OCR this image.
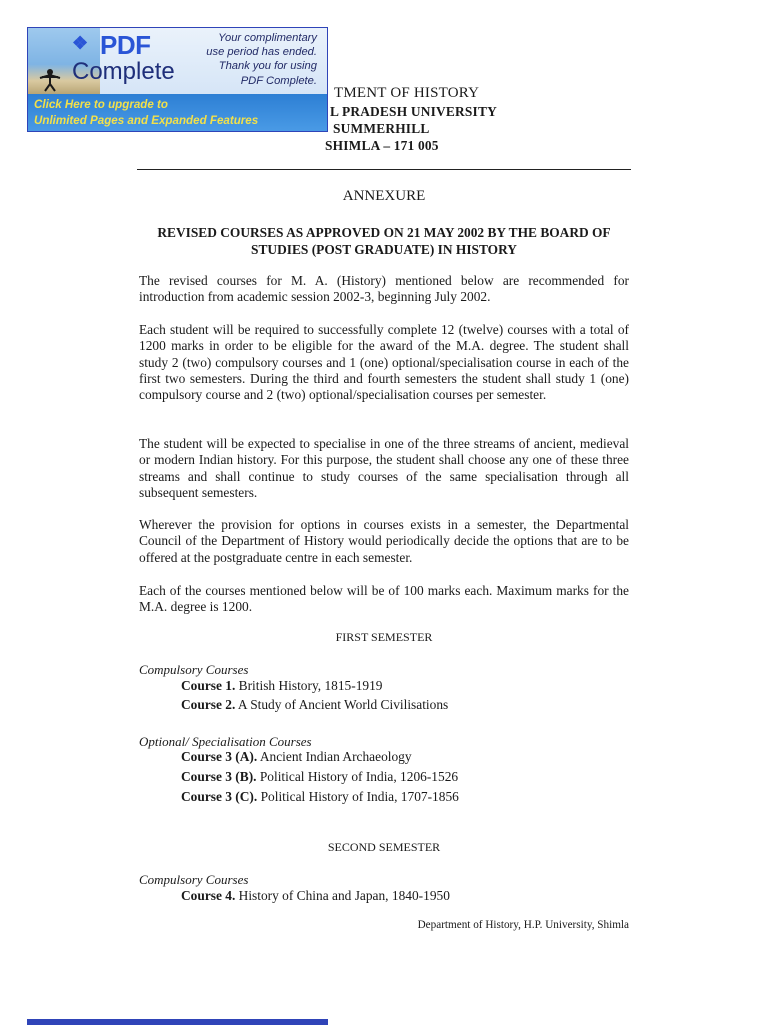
❖ PDF
Complete
Your complimentary
use period has ended.
Thank you for using
PDF Complete.
Click Here to upgrade to
Unlimited Pages and Expanded Features
TMENT OF HISTORY
L PRADESH UNIVERSITY
SUMMERHILL
SHIMLA – 171 005
ANNEXURE
REVISED COURSES AS APPROVED ON 21 MAY 2002 BY THE BOARD OF
STUDIES (POST GRADUATE) IN HISTORY
The revised courses for M. A. (History) mentioned below are recommended for introduction from academic session 2002-3, beginning July 2002.
Each student will be required to successfully complete 12 (twelve) courses with a total of 1200 marks in order to be eligible for the award of the M.A. degree. The student shall study 2 (two) compulsory courses and 1 (one) optional/specialisation course in each of the first two semesters. During the third and fourth semesters the student shall study 1 (one) compulsory course and 2 (two) optional/specialisation courses per semester.
The student will be expected to specialise in one of the three streams of ancient, medieval or modern Indian history. For this purpose, the student shall choose any one of these three streams and shall continue to study courses of the same specialisation through all subsequent semesters.
Wherever the provision for options in courses exists in a semester, the Departmental Council of the Department of History would periodically decide the options that are to be offered at the postgraduate centre in each semester.
Each of the courses mentioned below will be of 100 marks each. Maximum marks for the M.A. degree is 1200.
FIRST SEMESTER
Compulsory Courses
Course 1. British History, 1815-1919
Course 2. A Study of Ancient World Civilisations
Optional/ Specialisation Courses
Course 3 (A). Ancient Indian Archaeology
Course 3 (B). Political History of India, 1206-1526
Course 3 (C). Political History of India, 1707-1856
SECOND SEMESTER
Compulsory Courses
Course 4. History of China and Japan, 1840-1950
Department of History, H.P. University, Shimla
